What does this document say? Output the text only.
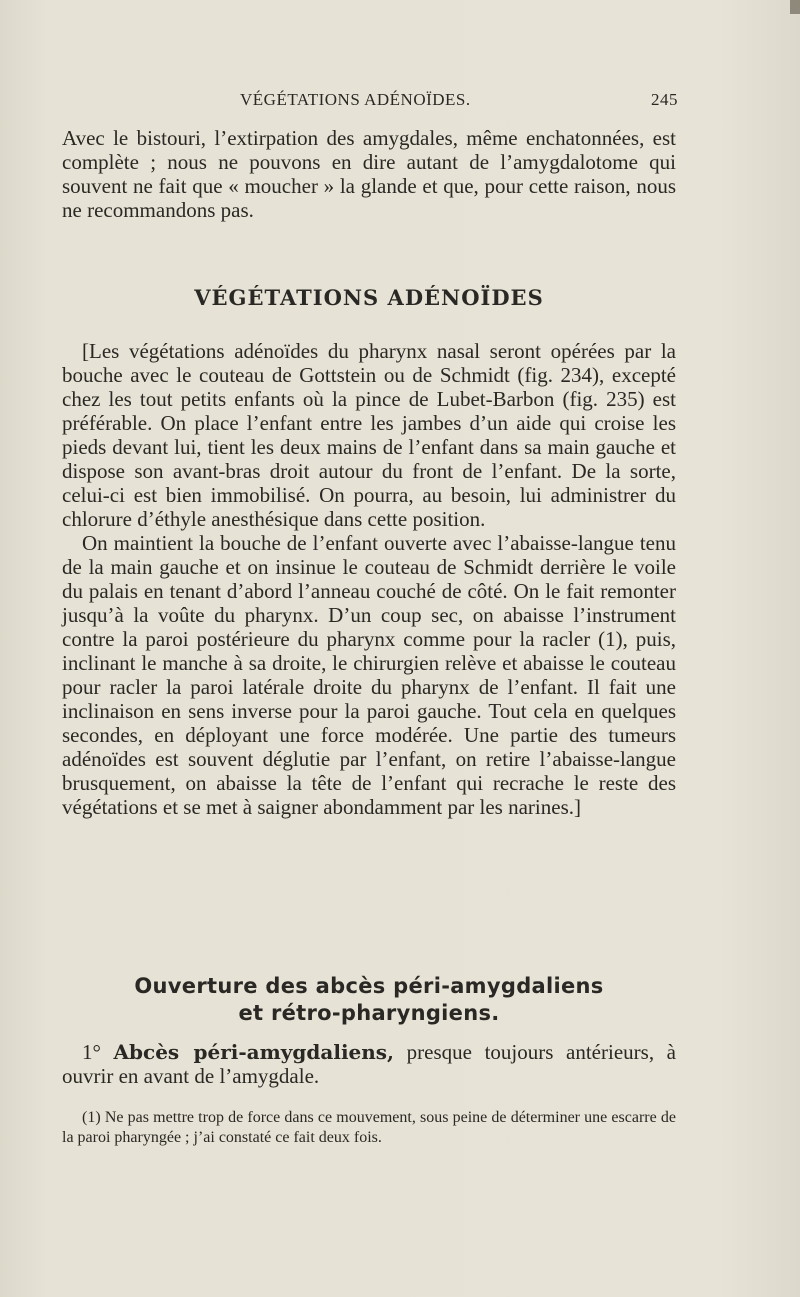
VÉGÉTATIONS ADÉNOÏDES.	245
Avec le bistouri, l’extirpation des amygdales, même enchatonnées, est complète ; nous ne pouvons en dire autant de l’amygdalotome qui souvent ne fait que « moucher » la glande et que, pour cette raison, nous ne recommandons pas.
VÉGÉTATIONS ADÉNOÏDES
[Les végétations adénoïdes du pharynx nasal seront opérées par la bouche avec le couteau de Gottstein ou de Schmidt (fig. 234), excepté chez les tout petits enfants où la pince de Lubet-Barbon (fig. 235) est préférable. On place l’enfant entre les jambes d’un aide qui croise les pieds devant lui, tient les deux mains de l’enfant dans sa main gauche et dispose son avant-bras droit autour du front de l’enfant. De la sorte, celui-ci est bien immobilisé. On pourra, au besoin, lui administrer du chlorure d’éthyle anesthésique dans cette position.
On maintient la bouche de l’enfant ouverte avec l’abaisse-langue tenu de la main gauche et on insinue le couteau de Schmidt derrière le voile du palais en tenant d’abord l’anneau couché de côté. On le fait remonter jusqu’à la voûte du pharynx. D’un coup sec, on abaisse l’instrument contre la paroi postérieure du pharynx comme pour la racler (1), puis, inclinant le manche à sa droite, le chirurgien relève et abaisse le couteau pour racler la paroi latérale droite du pharynx de l’enfant. Il fait une inclinaison en sens inverse pour la paroi gauche. Tout cela en quelques secondes, en déployant une force modérée. Une partie des tumeurs adénoïdes est souvent déglutie par l’enfant, on retire l’abaisse-langue brusquement, on abaisse la tête de l’enfant qui recrache le reste des végétations et se met à saigner abondamment par les narines.]
Ouverture des abcès péri-amygdaliens
et rétro-pharyngiens.
1° Abcès péri-amygdaliens, presque toujours antérieurs, à ouvrir en avant de l’amygdale.
(1) Ne pas mettre trop de force dans ce mouvement, sous peine de déterminer une escarre de la paroi pharyngée ; j’ai constaté ce fait deux fois.
